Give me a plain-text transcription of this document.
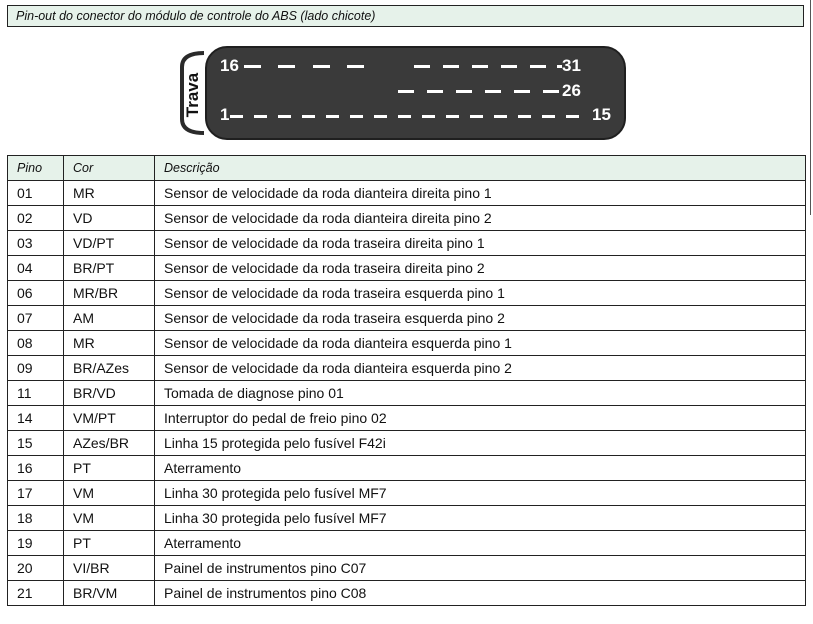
Pin-out do conector do módulo de controle do ABS (lado chicote)
Trava
16	31
26
1	15
Pino	Cor	Descrição
01	MR	Sensor de velocidade da roda dianteira direita pino 1
02	VD	Sensor de velocidade da roda dianteira direita pino 2
03	VD/PT	Sensor de velocidade da roda traseira direita pino 1
04	BR/PT	Sensor de velocidade da roda traseira direita pino 2
06	MR/BR	Sensor de velocidade da roda traseira esquerda pino 1
07	AM	Sensor de velocidade da roda traseira esquerda pino 2
08	MR	Sensor de velocidade da roda dianteira esquerda pino 1
09	BR/AZes	Sensor de velocidade da roda dianteira esquerda pino 2
11	BR/VD	Tomada de diagnose pino 01
14	VM/PT	Interruptor do pedal de freio pino 02
15	AZes/BR	Linha 15 protegida pelo fusível F42i
16	PT	Aterramento
17	VM	Linha 30 protegida pelo fusível MF7
18	VM	Linha 30 protegida pelo fusível MF7
19	PT	Aterramento
20	VI/BR	Painel de instrumentos pino C07
21	BR/VM	Painel de instrumentos pino C08
